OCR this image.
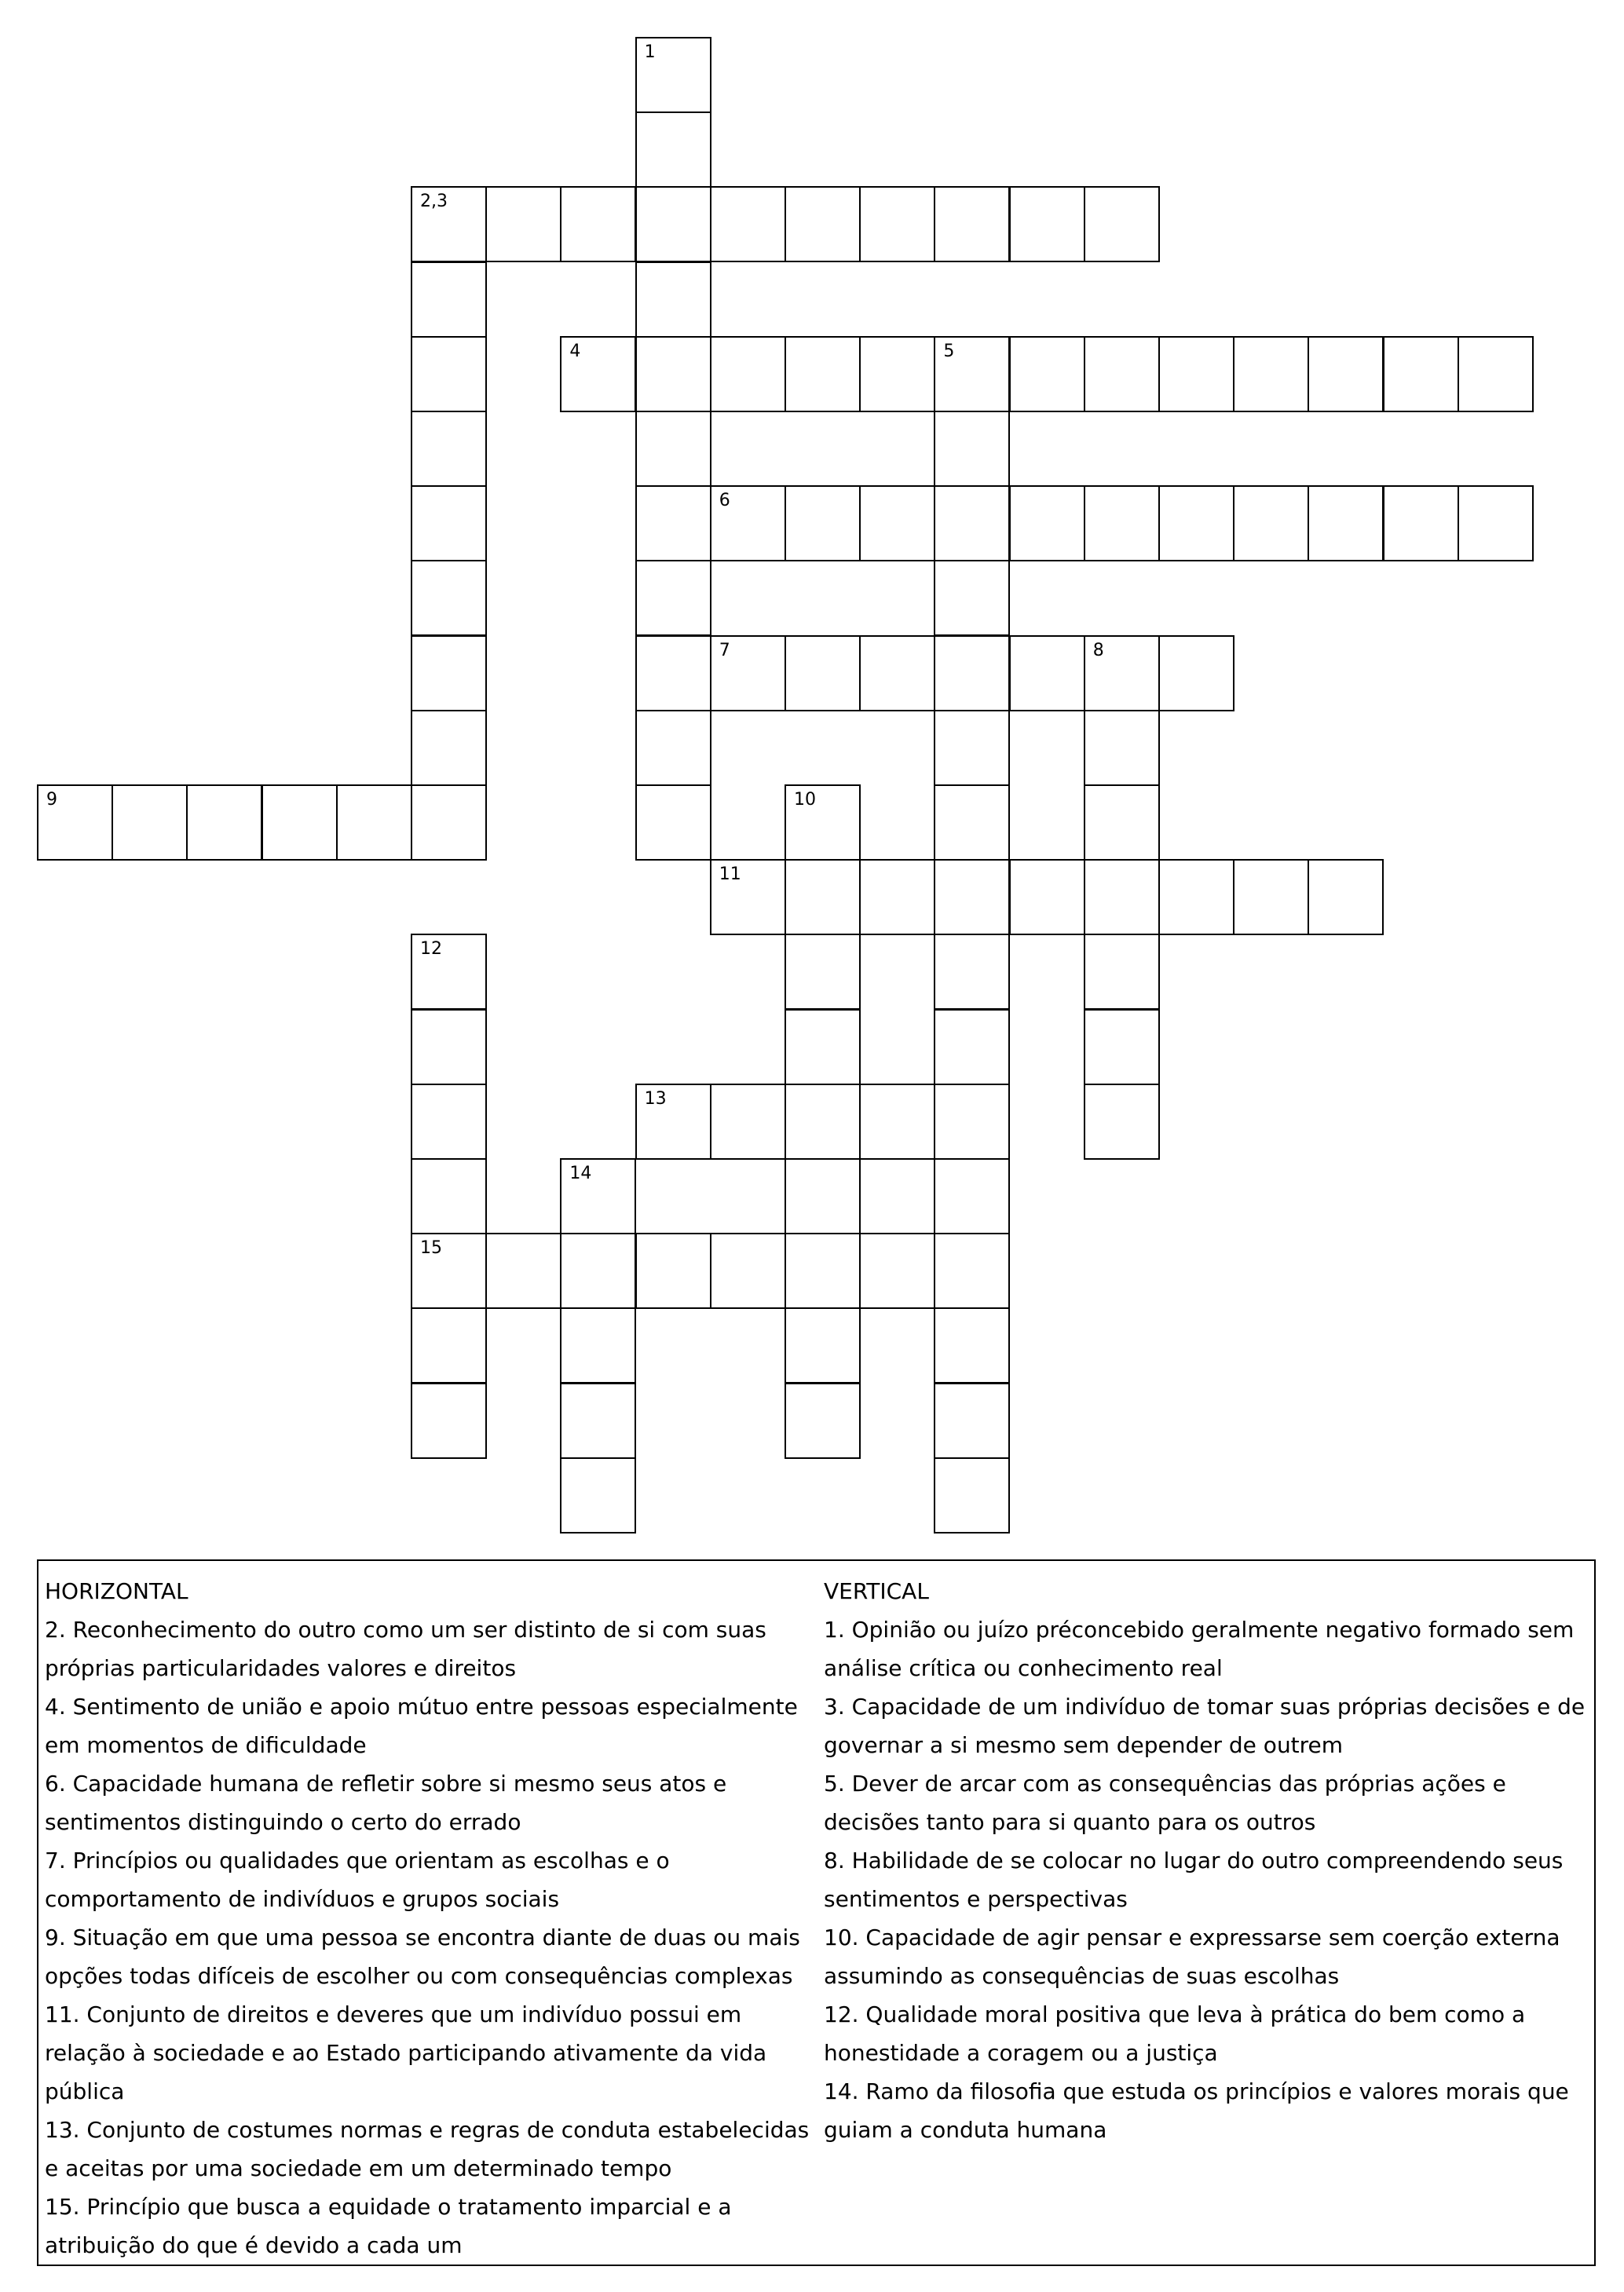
1
2,3
4	5
6
7	8
9	10
11
12
15
13
14

HORIZONTAL

2. Reconhecimento do outro como um ser distinto de si com suas próprias particularidades valores e direitos

4. Sentimento de união e apoio mútuo entre pessoas especialmente em momentos de dificuldade

6. Capacidade humana de refletir sobre si mesmo seus atos e sentimentos distinguindo o certo do errado

7. Princípios ou qualidades que orientam as escolhas e o comportamento de indivíduos e grupos sociais

9. Situação em que uma pessoa se encontra diante de duas ou mais opções todas difíceis de escolher ou com consequências complexas

11. Conjunto de direitos e deveres que um indivíduo possui em relação à sociedade e ao Estado participando ativamente da vida pública

13. Conjunto de costumes normas e regras de conduta estabelecidas e aceitas por uma sociedade em um determinado tempo

15. Princípio que busca a equidade o tratamento imparcial e a atribuição do que é devido a cada um

VERTICAL

1. Opinião ou juízo préconcebido geralmente negativo formado sem análise crítica ou conhecimento real

3. Capacidade de um indivíduo de tomar suas próprias decisões e de governar a si mesmo sem depender de outrem

5. Dever de arcar com as consequências das próprias ações e decisões tanto para si quanto para os outros

8. Habilidade de se colocar no lugar do outro compreendendo seus sentimentos e perspectivas

10. Capacidade de agir pensar e expressarse sem coerção externa assumindo as consequências de suas escolhas

12. Qualidade moral positiva que leva à prática do bem como a honestidade a coragem ou a justiça

14. Ramo da filosofia que estuda os princípios e valores morais que guiam a conduta humana
